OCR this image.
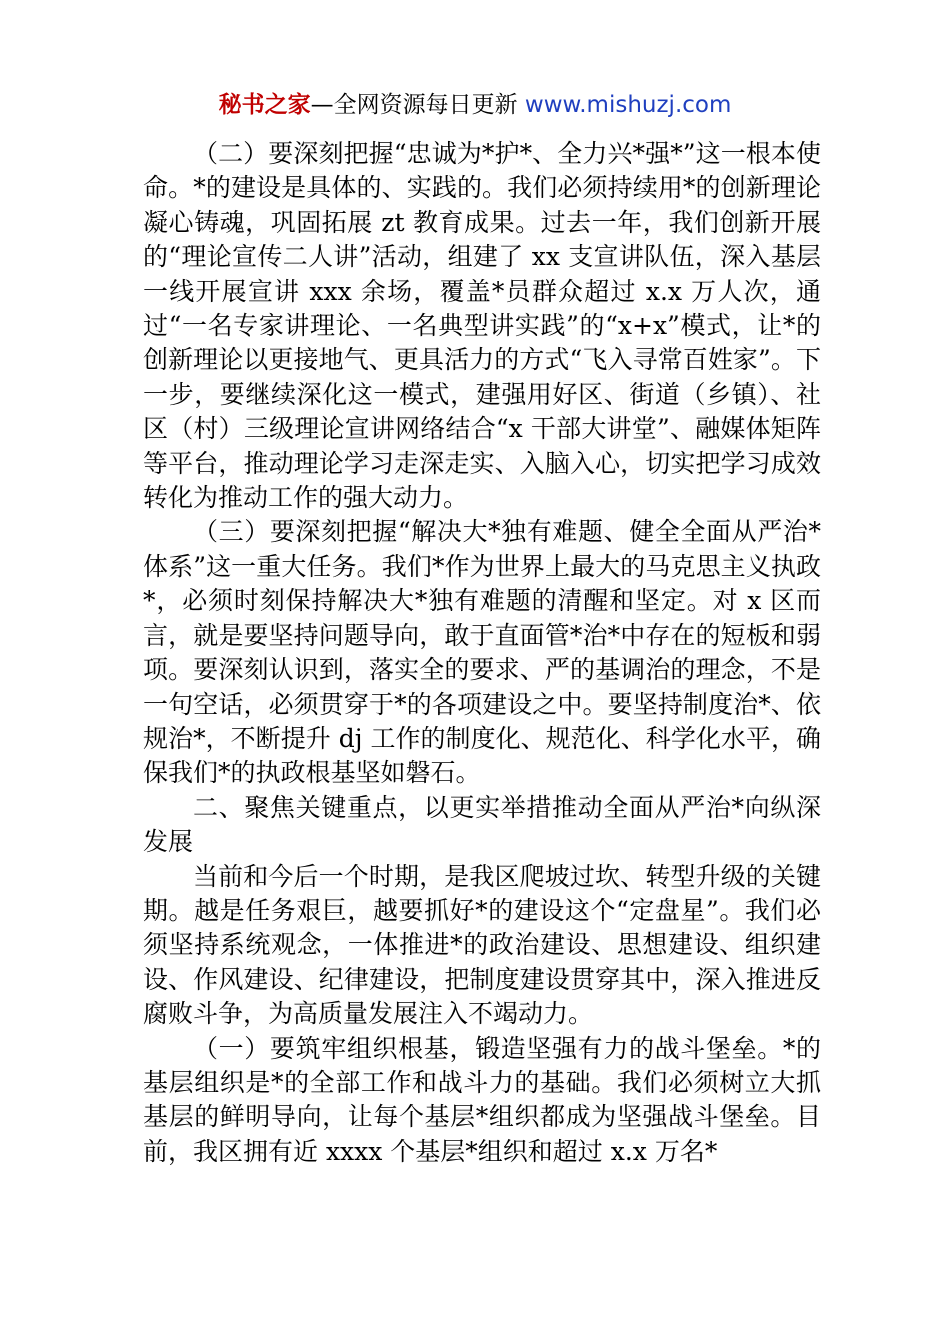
秘书之家—全网资源每日更新 www.mishuzj.com

（二）要深刻把握“忠诚为*护*、全力兴*强*”这一根本使命。*的建设是具体的、实践的。我们必须持续用*的创新理论凝心铸魂，巩固拓展 zt 教育成果。过去一年，我们创新开展的“理论宣传二人讲”活动，组建了 xx 支宣讲队伍，深入基层一线开展宣讲 xxx 余场，覆盖*员群众超过 x.x 万人次，通过“一名专家讲理论、一名典型讲实践”的“x+x”模式，让*的创新理论以更接地气、更具活力的方式“飞入寻常百姓家”。下一步，要继续深化这一模式，建强用好区、街道（乡镇）、社区（村）三级理论宣讲网络结合“x 干部大讲堂”、融媒体矩阵等平台，推动理论学习走深走实、入脑入心，切实把学习成效转化为推动工作的强大动力。

（三）要深刻把握“解决大*独有难题、健全全面从严治*体系”这一重大任务。我们*作为世界上最大的马克思主义执政*，必须时刻保持解决大*独有难题的清醒和坚定。对 x 区而言，就是要坚持问题导向，敢于直面管*治*中存在的短板和弱项。要深刻认识到，落实全的要求、严的基调治的理念，不是一句空话，必须贯穿于*的各项建设之中。要坚持制度治*、依规治*，不断提升 dj 工作的制度化、规范化、科学化水平，确保我们*的执政根基坚如磐石。

二、聚焦关键重点，以更实举措推动全面从严治*向纵深发展

当前和今后一个时期，是我区爬坡过坎、转型升级的关键期。越是任务艰巨，越要抓好*的建设这个“定盘星”。我们必须坚持系统观念，一体推进*的政治建设、思想建设、组织建设、作风建设、纪律建设，把制度建设贯穿其中，深入推进反腐败斗争，为高质量发展注入不竭动力。

（一）要筑牢组织根基，锻造坚强有力的战斗堡垒。*的基层组织是*的全部工作和战斗力的基础。我们必须树立大抓基层的鲜明导向，让每个基层*组织都成为坚强战斗堡垒。目前，我区拥有近 xxxx 个基层*组织和超过 x.x 万名*
